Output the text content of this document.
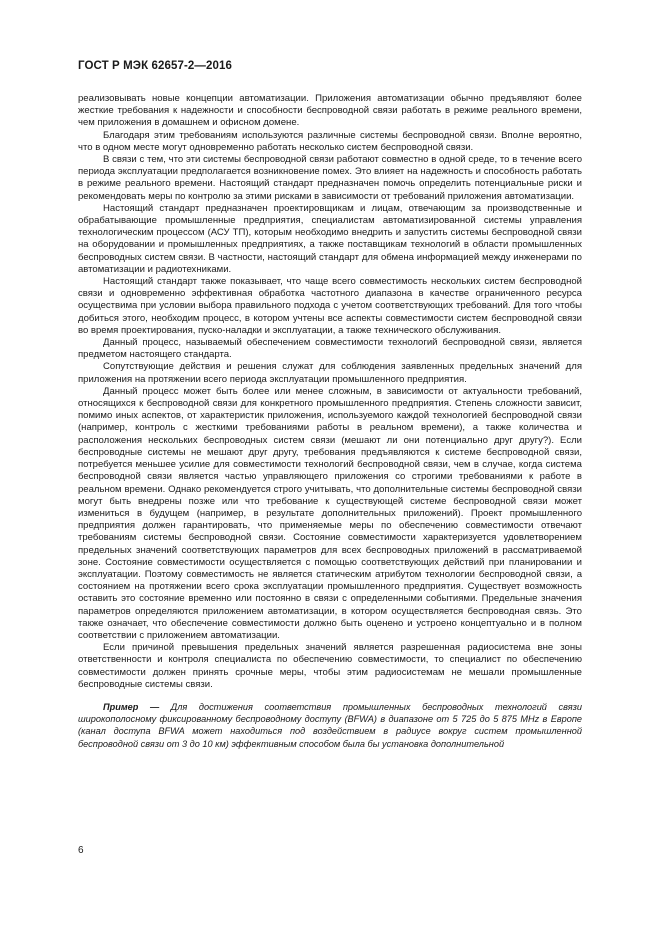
ГОСТ Р МЭК 62657-2—2016

реализовывать новые концепции автоматизации. Приложения автоматизации обычно предъявляют более жесткие требования к надежности и способности беспроводной связи работать в режиме реального времени, чем приложения в домашнем и офисном домене.

Благодаря этим требованиям используются различные системы беспроводной связи. Вполне вероятно, что в одном месте могут одновременно работать несколько систем беспроводной связи.

В связи с тем, что эти системы беспроводной связи работают совместно в одной среде, то в течение всего периода эксплуатации предполагается возникновение помех. Это влияет на надежность и способность работать в режиме реального времени. Настоящий стандарт предназначен помочь определить потенциальные риски и рекомендовать меры по контролю за этими рисками в зависимости от требований приложения автоматизации.

Настоящий стандарт предназначен проектировщикам и лицам, отвечающим за производственные и обрабатывающие промышленные предприятия, специалистам автоматизированной системы управления технологическим процессом (АСУ ТП), которым необходимо внедрить и запустить системы беспроводной связи на оборудовании и промышленных предприятиях, а также поставщикам технологий в области промышленных беспроводных систем связи. В частности, настоящий стандарт для обмена информацией между инженерами по автоматизации и радиотехниками.

Настоящий стандарт также показывает, что чаще всего совместимость нескольких систем беспроводной связи и одновременно эффективная обработка частотного диапазона в качестве ограниченного ресурса осуществима при условии выбора правильного подхода с учетом соответствующих требований. Для того чтобы добиться этого, необходим процесс, в котором учтены все аспекты совместимости систем беспроводной связи во время проектирования, пуско-наладки и эксплуатации, а также технического обслуживания.

Данный процесс, называемый обеспечением совместимости технологий беспроводной связи, является предметом настоящего стандарта.

Сопутствующие действия и решения служат для соблюдения заявленных предельных значений для приложения на протяжении всего периода эксплуатации промышленного предприятия.

Данный процесс может быть более или менее сложным, в зависимости от актуальности требований, относящихся к беспроводной связи для конкретного промышленного предприятия. Степень сложности зависит, помимо иных аспектов, от характеристик приложения, используемого каждой технологией беспроводной связи (например, контроль с жесткими требованиями работы в реальном времени), а также количества и расположения нескольких беспроводных систем связи (мешают ли они потенциально друг другу?). Если беспроводные системы не мешают друг другу, требования предъявляются к системе беспроводной связи, потребуется меньшее усилие для совместимости технологий беспроводной связи, чем в случае, когда система беспроводной связи является частью управляющего приложения со строгими требованиями к работе в реальном времени. Однако рекомендуется строго учитывать, что дополнительные системы беспроводной связи могут быть внедрены позже или что требование к существующей системе беспроводной связи может измениться в будущем (например, в результате дополнительных приложений). Проект промышленного предприятия должен гарантировать, что применяемые меры по обеспечению совместимости отвечают требованиям системы беспроводной связи. Состояние совместимости характеризуется удовлетворением предельных значений соответствующих параметров для всех беспроводных приложений в рассматриваемой зоне. Состояние совместимости осуществляется с помощью соответствующих действий при планировании и эксплуатации. Поэтому совместимость не является статическим атрибутом технологии беспроводной связи, а состоянием на протяжении всего срока эксплуатации промышленного предприятия. Существует возможность оставить это состояние временно или постоянно в связи с определенными событиями. Предельные значения параметров определяются приложением автоматизации, в котором осуществляется беспроводная связь. Это также означает, что обеспечение совместимости должно быть оценено и устроено концептуально и в полном соответствии с приложением автоматизации.

Если причиной превышения предельных значений является разрешенная радиосистема вне зоны ответственности и контроля специалиста по обеспечению совместимости, то специалист по обеспечению совместимости должен принять срочные меры, чтобы этим радиосистемам не мешали промышленные беспроводные системы связи.

Пример — Для достижения соответствия промышленных беспроводных технологий связи широкополосному фиксированному беспроводному доступу (BFWA) в диапазоне от 5 725 до 5 875 MHz в Европе (канал доступа BFWA может находиться под воздействием в радиусе вокруг систем промышленной беспроводной связи от 3 до 10 км) эффективным способом была бы установка дополнительной

6
